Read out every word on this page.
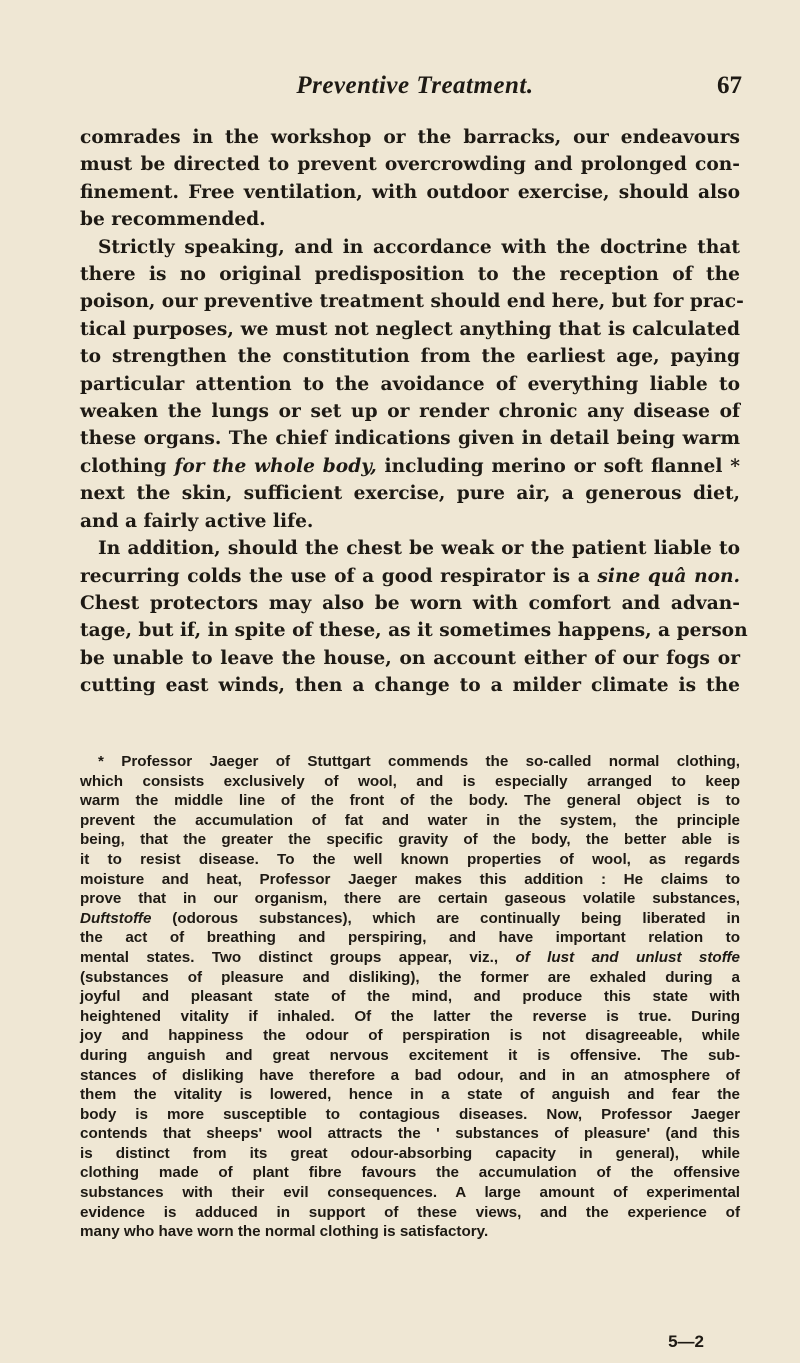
Preventive Treatment.	67
comrades in the workshop or the barracks, our endeavours
must be directed to prevent overcrowding and prolonged con-
finement. Free ventilation, with outdoor exercise, should also
be recommended.
Strictly speaking, and in accordance with the doctrine that
there is no original predisposition to the reception of the
poison, our preventive treatment should end here, but for prac-
tical purposes, we must not neglect anything that is calculated
to strengthen the constitution from the earliest age, paying
particular attention to the avoidance of everything liable to
weaken the lungs or set up or render chronic any disease of
these organs. The chief indications given in detail being warm
clothing for the whole body, including merino or soft flannel *
next the skin, sufficient exercise, pure air, a generous diet,
and a fairly active life.
In addition, should the chest be weak or the patient liable to
recurring colds the use of a good respirator is a sine quâ non.
Chest protectors may also be worn with comfort and advan-
tage, but if, in spite of these, as it sometimes happens, a person
be unable to leave the house, on account either of our fogs or
cutting east winds, then a change to a milder climate is the
* Professor Jaeger of Stuttgart commends the so-called normal clothing,
which consists exclusively of wool, and is especially arranged to keep
warm the middle line of the front of the body. The general object is to
prevent the accumulation of fat and water in the system, the principle
being, that the greater the specific gravity of the body, the better able is
it to resist disease. To the well known properties of wool, as regards
moisture and heat, Professor Jaeger makes this addition : He claims to
prove that in our organism, there are certain gaseous volatile substances,
Duftstoffe (odorous substances), which are continually being liberated in
the act of breathing and perspiring, and have important relation to
mental states. Two distinct groups appear, viz., of lust and unlust stoffe
(substances of pleasure and disliking), the former are exhaled during a
joyful and pleasant state of the mind, and produce this state with
heightened vitality if inhaled. Of the latter the reverse is true. During
joy and happiness the odour of perspiration is not disagreeable, while
during anguish and great nervous excitement it is offensive. The sub-
stances of disliking have therefore a bad odour, and in an atmosphere of
them the vitality is lowered, hence in a state of anguish and fear the
body is more susceptible to contagious diseases. Now, Professor Jaeger
contends that sheeps' wool attracts the ' substances of pleasure' (and this
is distinct from its great odour-absorbing capacity in general), while
clothing made of plant fibre favours the accumulation of the offensive
substances with their evil consequences. A large amount of experimental
evidence is adduced in support of these views, and the experience of
many who have worn the normal clothing is satisfactory.
5—2
